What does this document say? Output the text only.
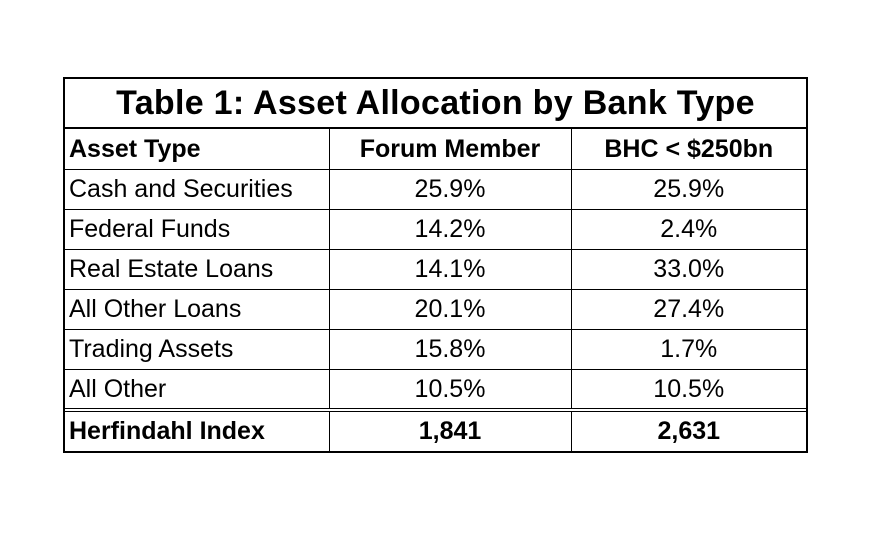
Table 1: Asset Allocation by Bank Type
Asset Type	Forum Member	BHC < $250bn
Cash and Securities	25.9%	25.9%
Federal Funds	14.2%	2.4%
Real Estate Loans	14.1%	33.0%
All Other Loans	20.1%	27.4%
Trading Assets	15.8%	1.7%
All Other	10.5%	10.5%
Herfindahl Index	1,841	2,631
